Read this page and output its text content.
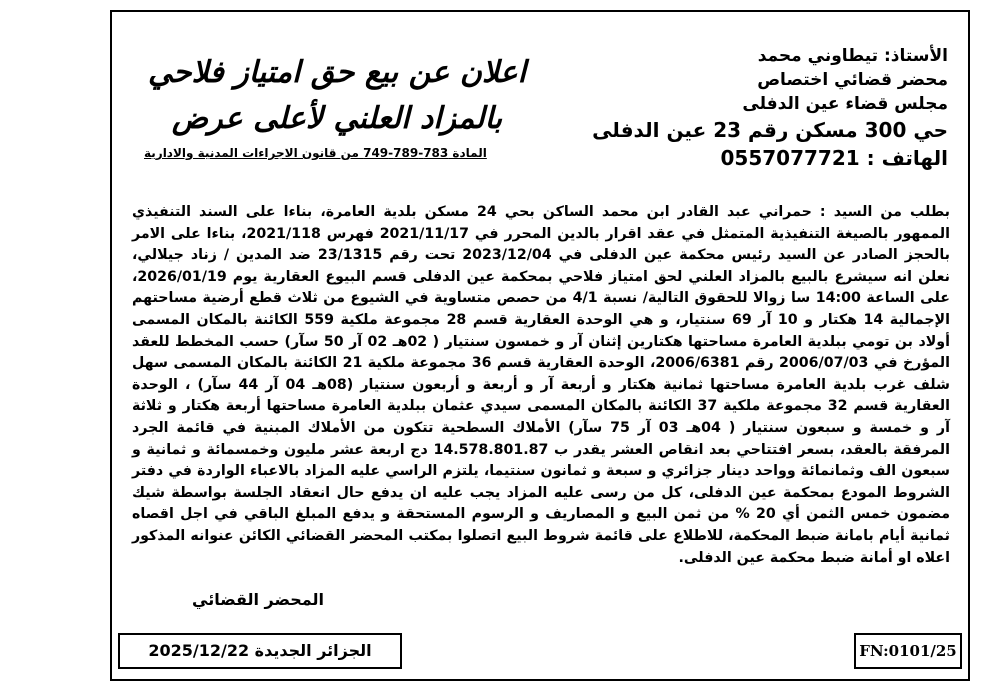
الأستاذ: تيطاوني محمد
محضر قضائي اختصاص
مجلس قضاء عين الدفلى
حي 300 مسكن رقم 23 عين الدفلى
الهاتف : 0557077721
اعلان عن بيع حق امتياز فلاحي
بالمزاد العلني لأعلى عرض
المادة 783-789-749 من قانون الاجراءات المدنية والادارية

بطلب من السيد : حمراني عبد القادر ابن محمد الساكن بحي 24 مسكن بلدية العامرة، بناءا على السند التنفيذي الممهور بالصيغة التنفيذية المتمثل في عقد اقرار بالدين المحرر في 2021/11/17 فهرس 2021/118، بناءا على الامر بالحجز الصادر عن السيد رئيس محكمة عين الدفلى في 2023/12/04 تحت رقم 23/1315 ضد المدين / زناد جيلالي، نعلن انه سيشرع بالبيع بالمزاد العلني لحق امتياز فلاحي بمحكمة عين الدفلى قسم البيوع العقارية يوم 2026/01/19، على الساعة 14:00 سا زوالا للحقوق التالية/ نسبة 4/1 من حصص متساوية في الشيوع من ثلاث قطع أرضية مساحتهم الإجمالية 14 هكتار و 10 آر 69 سنتيار، و هي الوحدة العقارية قسم 28 مجموعة ملكية 559 الكائنة بالمكان المسمى أولاد بن تومي ببلدية العامرة مساحتها هكتارين إثنان آر و خمسون سنتيار ( 02هـ 02 آر 50 سآر) حسب المخطط للعقد المؤرخ في 2006/07/03 رقم 2006/6381، الوحدة العقارية قسم 36 مجموعة ملكية 21 الكائنة بالمكان المسمى سهل شلف غرب بلدية العامرة مساحتها ثمانية هكتار و أربعة آر و أربعة و أربعون سنتيار (08هـ 04 آر 44 سآر) ، الوحدة العقارية قسم 32 مجموعة ملكية 37 الكائنة بالمكان المسمى سيدي عثمان ببلدية العامرة مساحتها أربعة هكتار و ثلاثة آر و خمسة و سبعون سنتيار ( 04هـ 03 آر 75 سآر) الأملاك السطحية تتكون من الأملاك المبنية في قائمة الجرد المرفقة بالعقد، بسعر افتتاحي بعد انقاص العشر يقدر ب 14.578.801.87 دج اربعة عشر مليون وخمسمائة و ثمانية و سبعون الف وثمانمائة وواحد دينار جزائري و سبعة و ثمانون سنتيما، يلتزم الراسي عليه المزاد بالاعباء الواردة في دفتر الشروط المودع بمحكمة عين الدفلى، كل من رسى عليه المزاد يجب عليه ان يدفع حال انعقاد الجلسة بواسطة شيك مضمون خمس الثمن أي 20 % من ثمن البيع و المصاريف و الرسوم المستحقة و يدفع المبلغ الباقي في اجل اقصاه ثمانية أيام بامانة ضبط المحكمة، للاطلاع على قائمة شروط البيع اتصلوا بمكتب المحضر القضائي الكائن عنوانه المذكور اعلاه او أمانة ضبط محكمة عين الدفلى.

المحضر القضائي
الجزائر الجديدة 2025/12/22	FN:0101/25
